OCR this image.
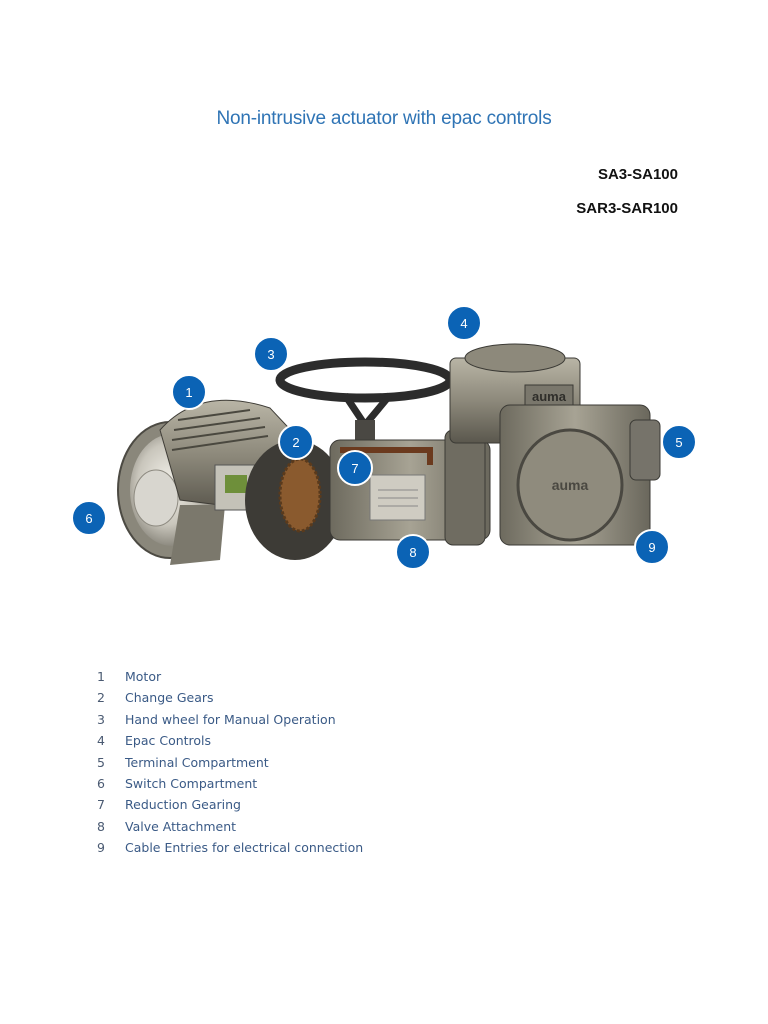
Non-intrusive actuator with epac controls
SA3-SA100
SAR3-SAR100
auma
auma
1
2
3
4
5
6
7
8	9
1	Motor
2	Change Gears
3	Hand wheel for Manual Operation
4	Epac Controls
5	Terminal Compartment
6	Switch Compartment
7	Reduction Gearing
8	Valve Attachment
9	Cable Entries for electrical connection
